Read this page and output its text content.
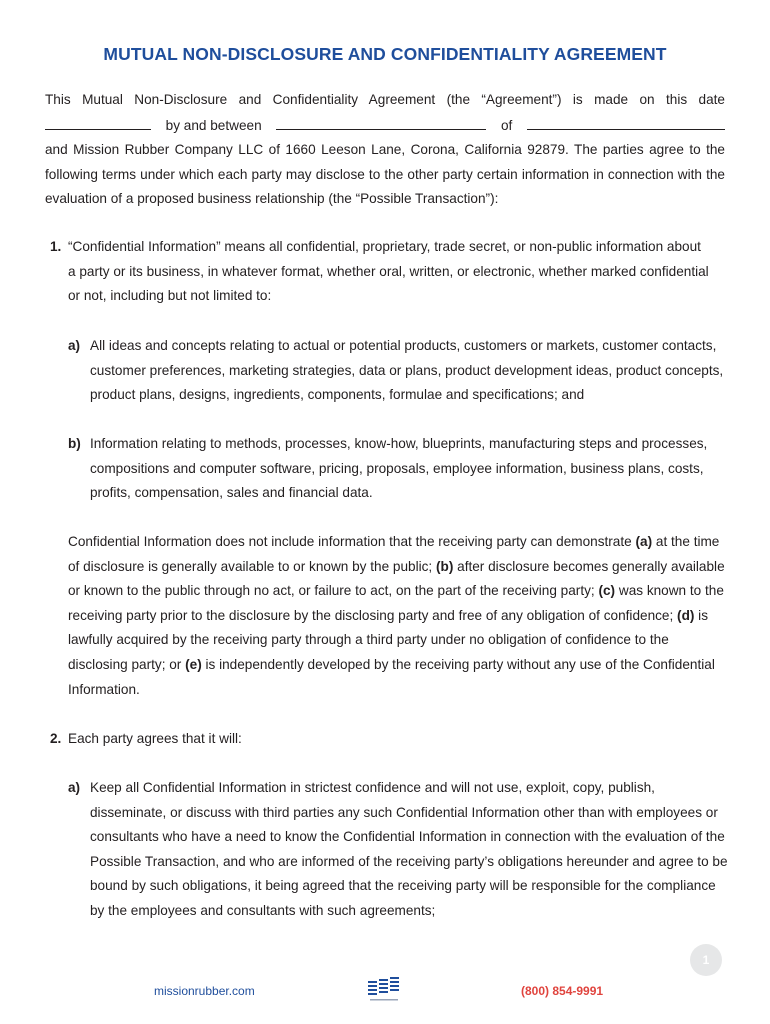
MUTUAL NON-DISCLOSURE AND CONFIDENTIALITY AGREEMENT
This Mutual Non-Disclosure and Confidentiality Agreement (the “Agreement”) is made on this date
by and between	of
and Mission Rubber Company LLC of 1660 Leeson Lane, Corona, California 92879. The parties agree to the following terms under which each party may disclose to the other party certain information in connection with the evaluation of a proposed business relationship (the “Possible Transaction”):
1. “Confidential Information” means all confidential, proprietary, trade secret, or non-public information about a party or its business, in whatever format, whether oral, written, or electronic, whether marked confidential or not, including but not limited to:
a) All ideas and concepts relating to actual or potential products, customers or markets, customer contacts, customer preferences, marketing strategies, data or plans, product development ideas, product concepts, product plans, designs, ingredients, components, formulae and specifications; and
b) Information relating to methods, processes, know-how, blueprints, manufacturing steps and processes, compositions and computer software, pricing, proposals, employee information, business plans, costs, profits, compensation, sales and financial data.
Confidential Information does not include information that the receiving party can demonstrate (a) at the time of disclosure is generally available to or known by the public; (b) after disclosure becomes generally available or known to the public through no act, or failure to act, on the part of the receiving party; (c) was known to the receiving party prior to the disclosure by the disclosing party and free of any obligation of confidence; (d) is lawfully acquired by the receiving party through a third party under no obligation of confidence to the disclosing party; or (e) is independently developed by the receiving party without any use of the Confidential Information.
2. Each party agrees that it will:
a) Keep all Confidential Information in strictest confidence and will not use, exploit, copy, publish, disseminate, or discuss with third parties any such Confidential Information other than with employees or consultants who have a need to know the Confidential Information in connection with the evaluation of the Possible Transaction, and who are informed of the receiving party’s obligations hereunder and agree to be bound by such obligations, it being agreed that the receiving party will be responsible for the compliance by the employees and consultants with such agreements;
1
missionrubber.com	(800) 854-9991
